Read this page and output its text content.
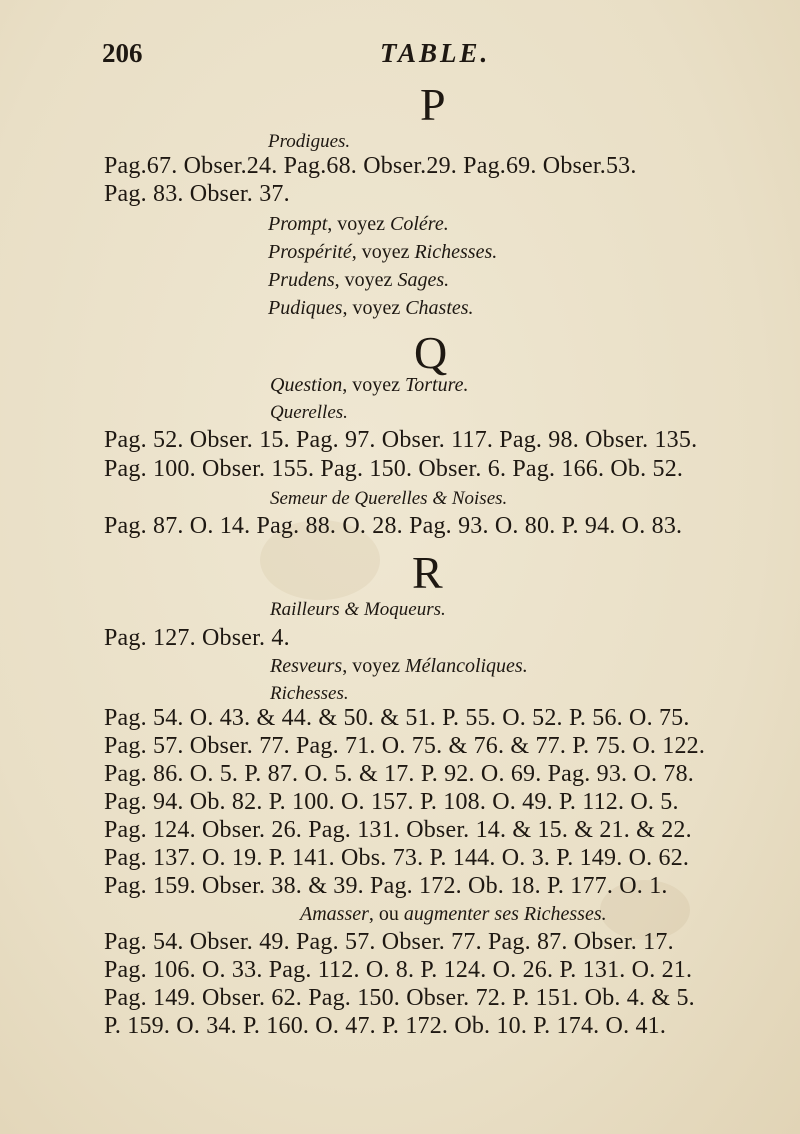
206	TABLE.
P
Prodigues.
Pag.67. Obser.24. Pag.68. Obser.29. Pag.69. Obser.53.
Pag. 83. Obser. 37.
Prompt, voyez Colére.
Prospérité, voyez Richesses.
Prudens, voyez Sages.
Pudiques, voyez Chastes.
Q
Question, voyez Torture.
Querelles.
Pag. 52. Obser. 15. Pag. 97. Obser. 117. Pag. 98. Obser. 135.
Pag. 100. Obser. 155. Pag. 150. Obser. 6. Pag. 166. Ob. 52.
Semeur de Querelles & Noises.
Pag. 87. O. 14. Pag. 88. O. 28. Pag. 93. O. 80. P. 94. O. 83.
R
Railleurs & Moqueurs.
Pag. 127. Obser. 4.
Resveurs, voyez Mélancoliques.
Richesses.
Pag. 54. O. 43. & 44. & 50. & 51. P. 55. O. 52. P. 56. O. 75.
Pag. 57. Obser. 77. Pag. 71. O. 75. & 76. & 77. P. 75. O. 122.
Pag. 86. O. 5. P. 87. O. 5. & 17. P. 92. O. 69. Pag. 93. O. 78.
Pag. 94. Ob. 82. P. 100. O. 157. P. 108. O. 49. P. 112. O. 5.
Pag. 124. Obser. 26. Pag. 131. Obser. 14. & 15. & 21. & 22.
Pag. 137. O. 19. P. 141. Obs. 73. P. 144. O. 3. P. 149. O. 62.
Pag. 159. Obser. 38. & 39. Pag. 172. Ob. 18. P. 177. O. 1.
Amasser, ou augmenter ses Richesses.
Pag. 54. Obser. 49. Pag. 57. Obser. 77. Pag. 87. Obser. 17.
Pag. 106. O. 33. Pag. 112. O. 8. P. 124. O. 26. P. 131. O. 21.
Pag. 149. Obser. 62. Pag. 150. Obser. 72. P. 151. Ob. 4. & 5.
P. 159. O. 34. P. 160. O. 47. P. 172. Ob. 10. P. 174. O. 41.
